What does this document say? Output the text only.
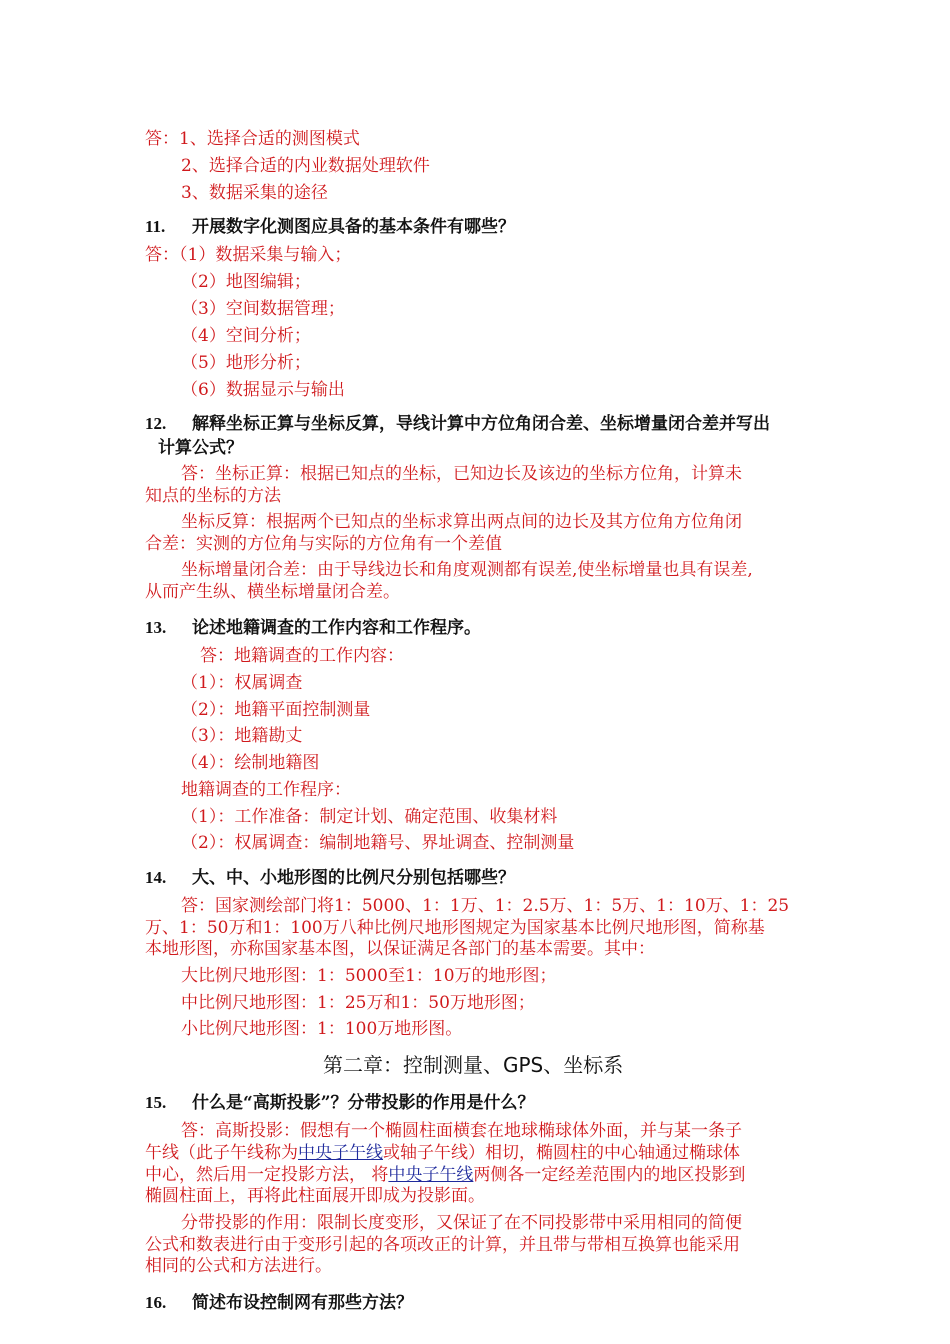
答：1、选择合适的测图模式
2、选择合适的内业数据处理软件
3、数据采集的途径
11. 开展数字化测图应具备的基本条件有哪些？
答：（1）数据采集与输入；
（2）地图编辑；
（3）空间数据管理；
（4）空间分析；
（5）地形分析；
（6）数据显示与输出
12. 解释坐标正算与坐标反算，导线计算中方位角闭合差、坐标增量闭合差并写出
计算公式？
答：坐标正算：根据已知点的坐标，已知边长及该边的坐标方位角，计算未
知点的坐标的方法
坐标反算：根据两个已知点的坐标求算出两点间的边长及其方位角方位角闭
合差：实测的方位角与实际的方位角有一个差值
坐标增量闭合差：由于导线边长和角度观测都有误差,使坐标增量也具有误差,
从而产生纵、横坐标增量闭合差。
13. 论述地籍调查的工作内容和工作程序。
答：地籍调查的工作内容：
（1）：权属调查
（2）：地籍平面控制测量
（3）：地籍勘丈
（4）：绘制地籍图
地籍调查的工作程序：
（1）：工作准备：制定计划、确定范围、收集材料
（2）：权属调查：编制地籍号、界址调查、控制测量
14. 大、中、小地形图的比例尺分别包括哪些？
答：国家测绘部门将1：5000、1：1万、1：2.5万、1：5万、1：10万、1：25
万、1：50万和1：100万八种比例尺地形图规定为国家基本比例尺地形图，简称基
本地形图，亦称国家基本图，以保证满足各部门的基本需要。其中：
大比例尺地形图：1：5000至1：10万的地形图；
中比例尺地形图：1：25万和1：50万地形图；
小比例尺地形图：1：100万地形图。
第二章：控制测量、GPS、坐标系
15. 什么是“高斯投影”？分带投影的作用是什么？
答：高斯投影：假想有一个椭圆柱面横套在地球椭球体外面，并与某一条子
午线（此子午线称为中央子午线或轴子午线）相切，椭圆柱的中心轴通过椭球体
中心，然后用一定投影方法， 将中央子午线两侧各一定经差范围内的地区投影到
椭圆柱面上，再将此柱面展开即成为投影面。
分带投影的作用：限制长度变形，又保证了在不同投影带中采用相同的简便
公式和数表进行由于变形引起的各项改正的计算，并且带与带相互换算也能采用
相同的公式和方法进行。
16. 简述布设控制网有那些方法？
